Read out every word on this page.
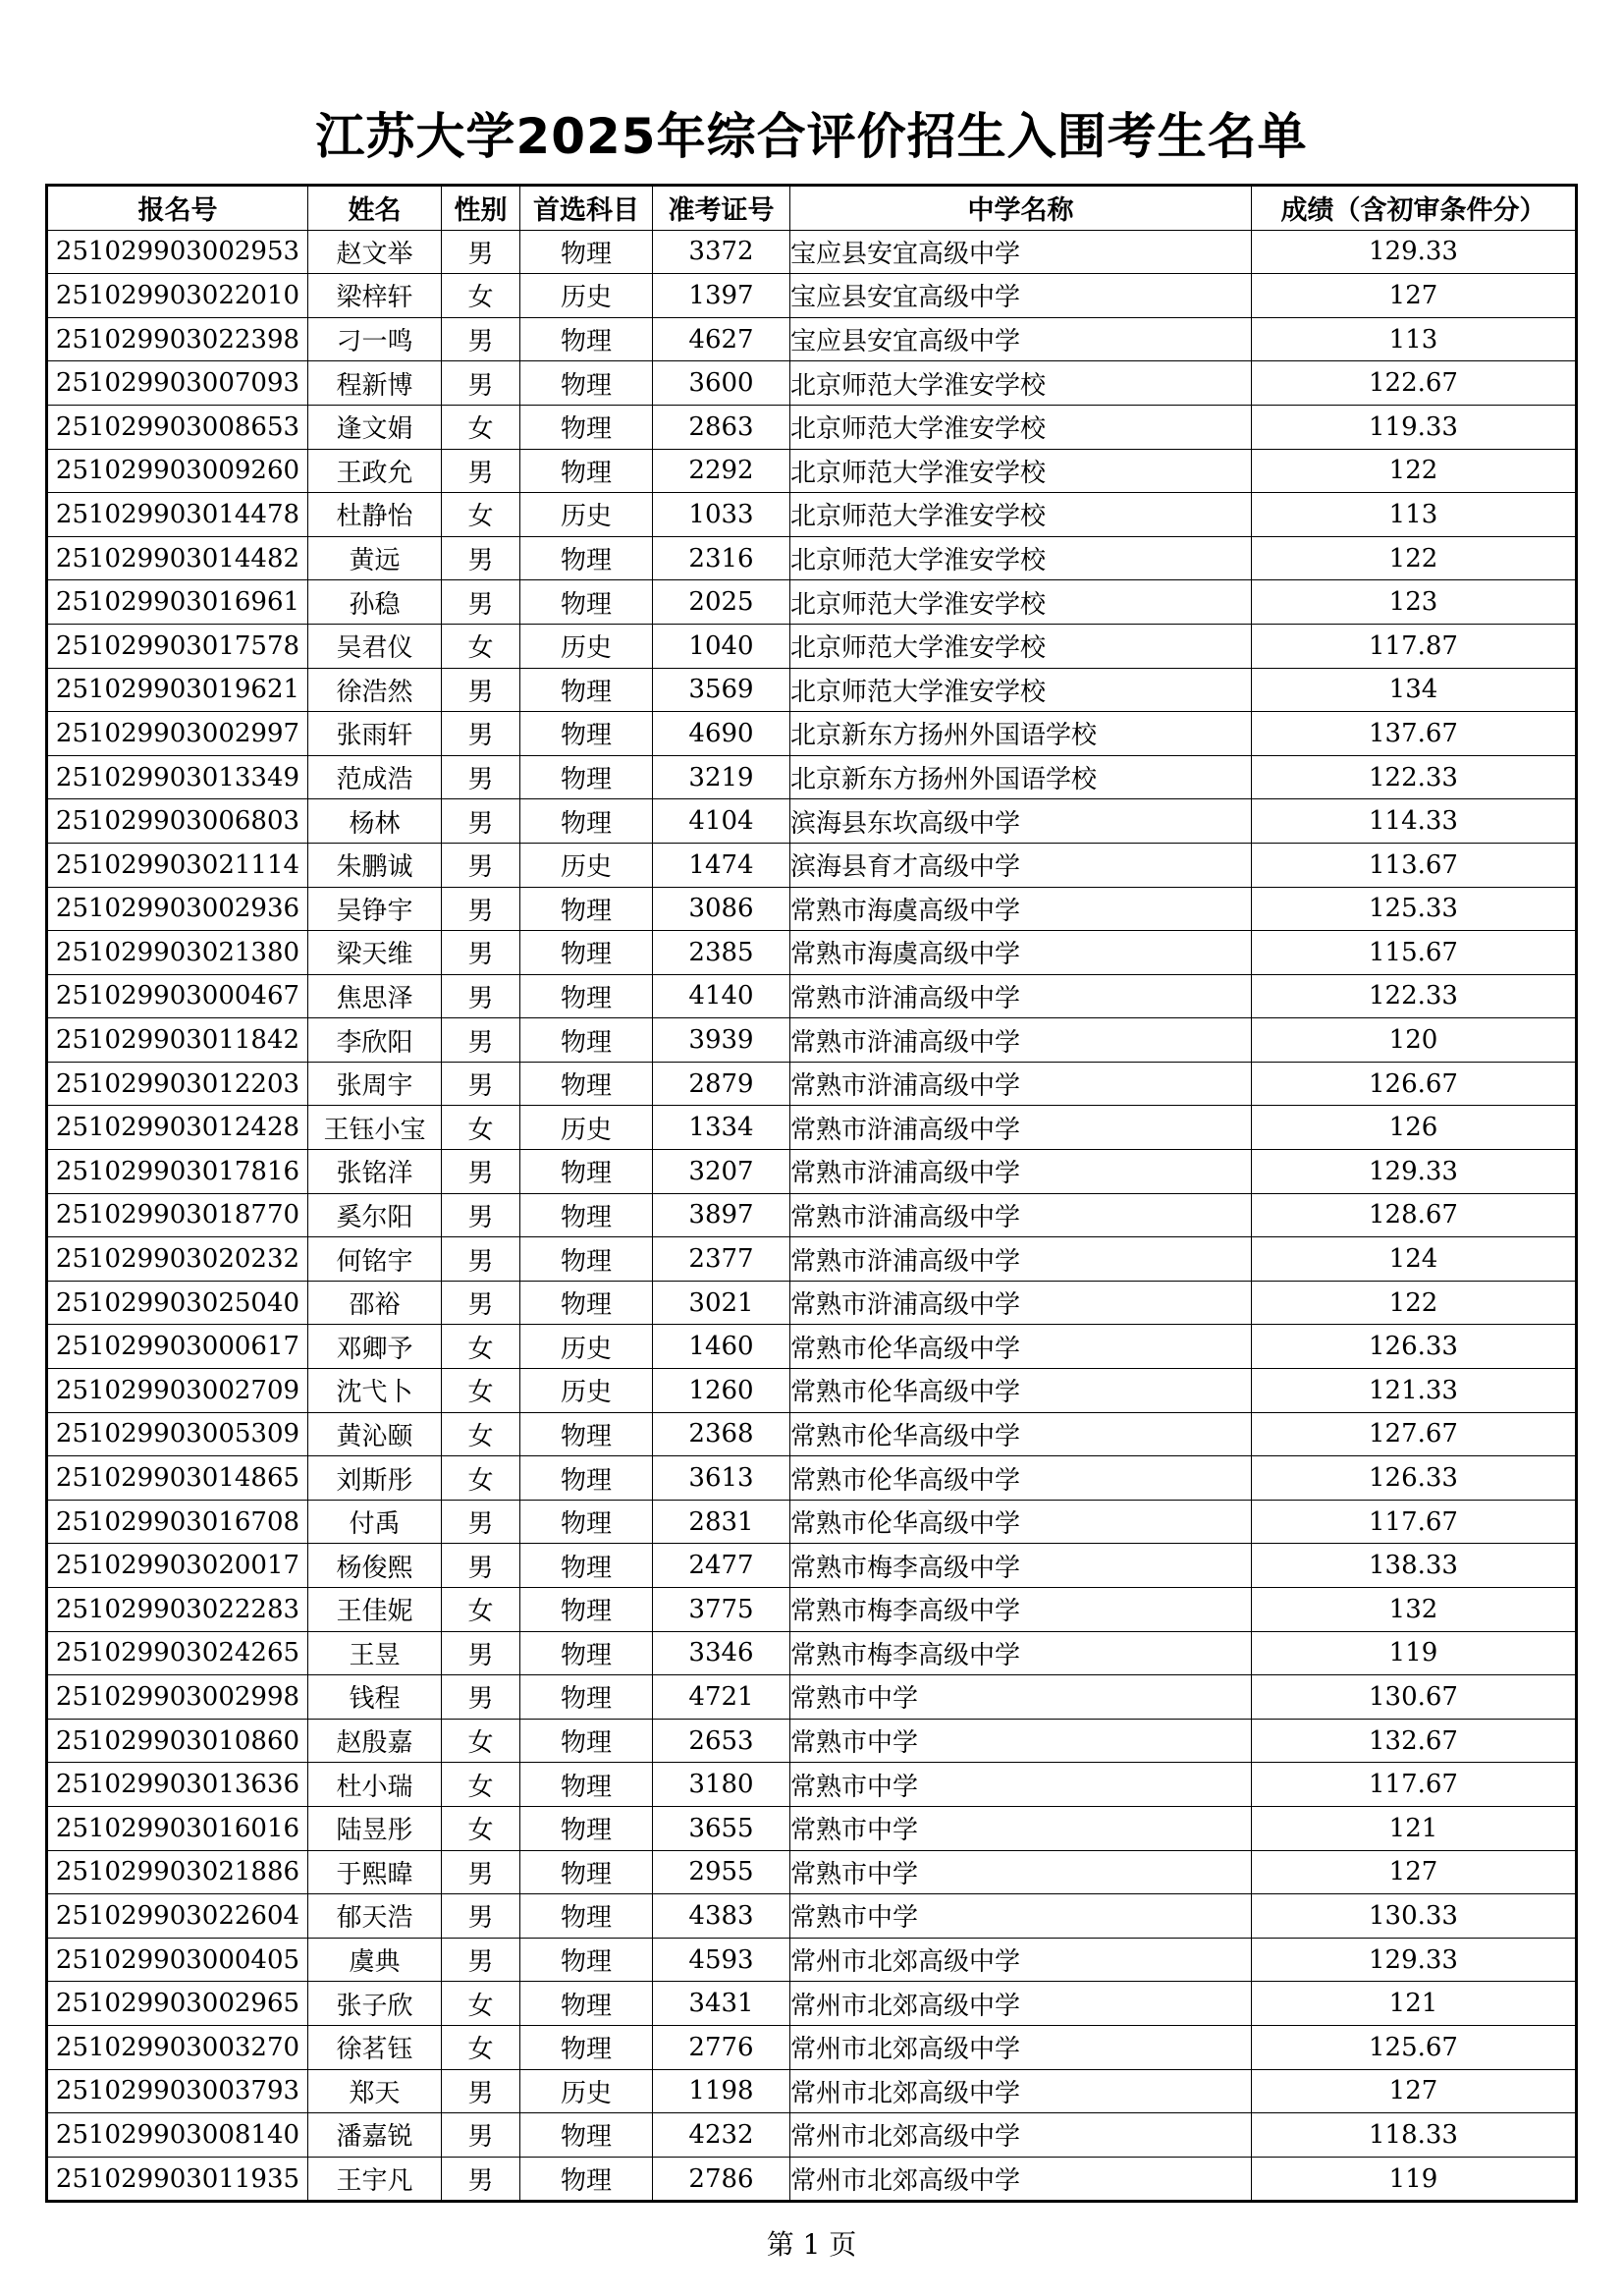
江苏大学2025年综合评价招生入围考生名单
报名号	姓名	性别	首选科目	准考证号	中学名称	成绩（含初审条件分）
251029903002953	赵文举	男	物理	3372	宝应县安宜高级中学	129.33
251029903022010	梁梓轩	女	历史	1397	宝应县安宜高级中学	127
251029903022398	刁一鸣	男	物理	4627	宝应县安宜高级中学	113
251029903007093	程新博	男	物理	3600	北京师范大学淮安学校	122.67
251029903008653	逢文娟	女	物理	2863	北京师范大学淮安学校	119.33
251029903009260	王政允	男	物理	2292	北京师范大学淮安学校	122
251029903014478	杜静怡	女	历史	1033	北京师范大学淮安学校	113
251029903014482	黄远	男	物理	2316	北京师范大学淮安学校	122
251029903016961	孙稳	男	物理	2025	北京师范大学淮安学校	123
251029903017578	吴君仪	女	历史	1040	北京师范大学淮安学校	117.87
251029903019621	徐浩然	男	物理	3569	北京师范大学淮安学校	134
251029903002997	张雨轩	男	物理	4690	北京新东方扬州外国语学校	137.67
251029903013349	范成浩	男	物理	3219	北京新东方扬州外国语学校	122.33
251029903006803	杨林	男	物理	4104	滨海县东坎高级中学	114.33
251029903021114	朱鹏诚	男	历史	1474	滨海县育才高级中学	113.67
251029903002936	吴铮宇	男	物理	3086	常熟市海虞高级中学	125.33
251029903021380	梁天维	男	物理	2385	常熟市海虞高级中学	115.67
251029903000467	焦思泽	男	物理	4140	常熟市浒浦高级中学	122.33
251029903011842	李欣阳	男	物理	3939	常熟市浒浦高级中学	120
251029903012203	张周宇	男	物理	2879	常熟市浒浦高级中学	126.67
251029903012428	王钰小宝	女	历史	1334	常熟市浒浦高级中学	126
251029903017816	张铭洋	男	物理	3207	常熟市浒浦高级中学	129.33
251029903018770	奚尔阳	男	物理	3897	常熟市浒浦高级中学	128.67
251029903020232	何铭宇	男	物理	2377	常熟市浒浦高级中学	124
251029903025040	邵裕	男	物理	3021	常熟市浒浦高级中学	122
251029903000617	邓卿予	女	历史	1460	常熟市伦华高级中学	126.33
251029903002709	沈弋卜	女	历史	1260	常熟市伦华高级中学	121.33
251029903005309	黄沁颐	女	物理	2368	常熟市伦华高级中学	127.67
251029903014865	刘斯彤	女	物理	3613	常熟市伦华高级中学	126.33
251029903016708	付禹	男	物理	2831	常熟市伦华高级中学	117.67
251029903020017	杨俊熙	男	物理	2477	常熟市梅李高级中学	138.33
251029903022283	王佳妮	女	物理	3775	常熟市梅李高级中学	132
251029903024265	王昱	男	物理	3346	常熟市梅李高级中学	119
251029903002998	钱程	男	物理	4721	常熟市中学	130.67
251029903010860	赵殷嘉	女	物理	2653	常熟市中学	132.67
251029903013636	杜小瑞	女	物理	3180	常熟市中学	117.67
251029903016016	陆昱彤	女	物理	3655	常熟市中学	121
251029903021886	于熙暐	男	物理	2955	常熟市中学	127
251029903022604	郁天浩	男	物理	4383	常熟市中学	130.33
251029903000405	虞典	男	物理	4593	常州市北郊高级中学	129.33
251029903002965	张子欣	女	物理	3431	常州市北郊高级中学	121
251029903003270	徐茗钰	女	物理	2776	常州市北郊高级中学	125.67
251029903003793	郑天	男	历史	1198	常州市北郊高级中学	127
251029903008140	潘嘉锐	男	物理	4232	常州市北郊高级中学	118.33
251029903011935	王宇凡	男	物理	2786	常州市北郊高级中学	119
第 1 页
